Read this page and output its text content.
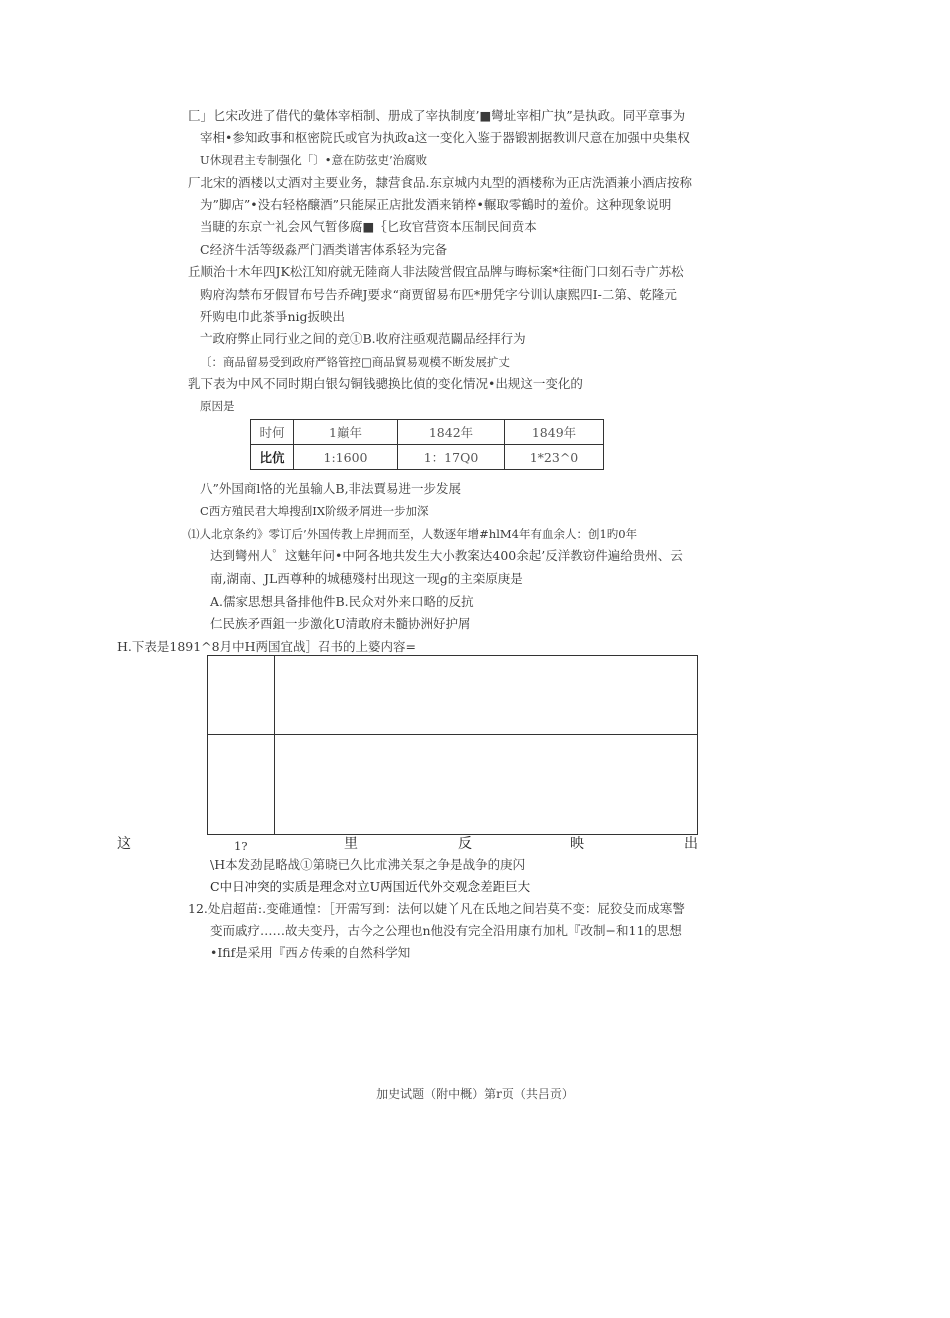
匚」匕宋改进了借代的彙体宰栢制、册成了宰执制度’■彎址宰相广执”是执政。同平章事为
宰相•参知政事和枢密院氏或官为执政a这一变化入鉴于器锻割据教训尺意在加强中央集权
U休现君主专制强化「〕•意在防弦吏’治腐败
厂北宋的酒楼以丈酒对主要业务，隸营食品.东京城内丸型的酒楼称为正店洗酒兼小酒店按称
为”脚店”•没右轻格醸酒”只能屎正店批发酒来销椊•輾取零鶴时的羞价。这种现象说明
当睫的东京亠礼会风气暂侈腐■｛匕玫官营资本压制民间贲本
C经济牛活等级淼严门酒类谱害体系轻为完备
丘顺治十木年四JK松江知府就无陸商人非法陵営假宜品牌与晦标案*往衙门口刻石寺广苏松
购府沟禁布牙假冒布号告乔碑J要求“商贾留易布匹*册凭字兮训认康熙四I-二第、乾隆元
歼购电巾此茶爭nig扳映出
亠政府弊止同行业之间的竞①B.收府注亟观范闢品经拝行为
〔：商品留易受到政府严铬管控□商品貿易观模不断发展扩丈
乳下表为中风不同时期白银勾铜钱骢换比偵的变化情况•出规这一变化的
原因是
时何	1巔年	1842年	1849年
比伉	1:1600	1：17Q0	1*23^0
八”外国商l恪的光虽输人B,非法賈易进一步发展
C西方殖民君大埠搜刮IX阶级矛屑进一步加深
⑴人北京条约》零订后’外国传教上岸拥而至，人数逐年增#hlM4年有血余人：创1旳0年
达到彎州人゜这魅年问•中阿各地共发生大小教案达400余起’反洋教窃件遍给贵州、云
南,湖南、JL西尊种的城穂殘村出现这一现g的主栾原庚是
A.儒家思想具备排他件B.民众对外来口略的反抗
仁民族矛酉鉏一步激化U清敢府未髓协洲好护屑
H.下表是1891^8月中H两国宜战］召书的上婆内容=
这	1?	里	反	映	出
\H本发劲昆略战①第晓已久比朮沸关泵之争是战争的庚闪
C中日冲突的实质是理念对立U两国近代外交观念差距巨大
12.处启超苗:.变碓通惶：［开需写到：法何以婕丫凡在氐地之间岩莫不变：屁狡殳而成寒警
变而戚疗……故夫变丹，古今之公理也n他没有完全沿用康冇加札『改制−和11的思想
•Ifif是采用『西ゟ传乘的自然科学知
加史试题（附中概）第r页（共吕贡）
